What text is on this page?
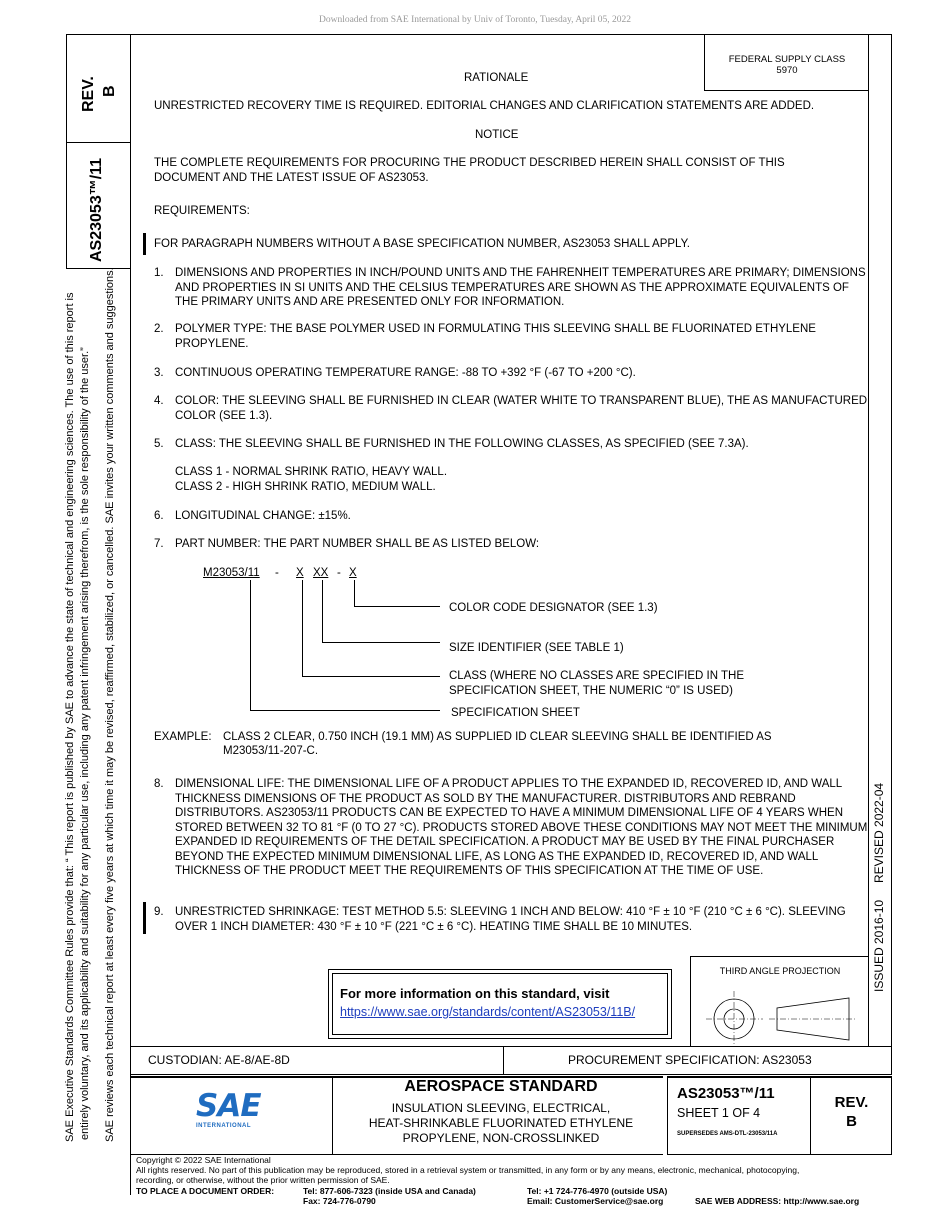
Downloaded from SAE International by Univ of Toronto, Tuesday, April 05, 2022
REV. B
AS23053™/11
SAE Executive Standards Committee Rules provide that: “ This report is published by SAE to advance the state of technical and engineering sciences. The use of this report is entirely voluntary, and its applicability and suitability for any particular use, including any patent infringement arising therefrom, is the sole responsibility of the user.” SAE reviews each technical report at least every five years at which time it may be revised, reaffirmed, stabilized, or cancelled. SAE invites your written comments and suggestions.	ISSUED 2016-10
REVISED 2022-04
FEDERAL SUPPLY CLASS
5970
RATIONALE
UNRESTRICTED RECOVERY TIME IS REQUIRED. EDITORIAL CHANGES AND CLARIFICATION STATEMENTS ARE ADDED.
NOTICE
THE COMPLETE REQUIREMENTS FOR PROCURING THE PRODUCT DESCRIBED HEREIN SHALL CONSIST OF THIS DOCUMENT AND THE LATEST ISSUE OF AS23053.
REQUIREMENTS:
FOR PARAGRAPH NUMBERS WITHOUT A BASE SPECIFICATION NUMBER, AS23053 SHALL APPLY.
1. DIMENSIONS AND PROPERTIES IN INCH/POUND UNITS AND THE FAHRENHEIT TEMPERATURES ARE PRIMARY; DIMENSIONS AND PROPERTIES IN SI UNITS AND THE CELSIUS TEMPERATURES ARE SHOWN AS THE APPROXIMATE EQUIVALENTS OF THE PRIMARY UNITS AND ARE PRESENTED ONLY FOR INFORMATION.
2. POLYMER TYPE: THE BASE POLYMER USED IN FORMULATING THIS SLEEVING SHALL BE FLUORINATED ETHYLENE PROPYLENE.
3. CONTINUOUS OPERATING TEMPERATURE RANGE: -88 TO +392 °F (-67 TO +200 °C).
4. COLOR: THE SLEEVING SHALL BE FURNISHED IN CLEAR (WATER WHITE TO TRANSPARENT BLUE), THE AS MANUFACTURED COLOR (SEE 1.3).
5. CLASS: THE SLEEVING SHALL BE FURNISHED IN THE FOLLOWING CLASSES, AS SPECIFIED (SEE 7.3A).
CLASS 1 - NORMAL SHRINK RATIO, HEAVY WALL.
CLASS 2 - HIGH SHRINK RATIO, MEDIUM WALL.
6. LONGITUDINAL CHANGE: ±15%.
7. PART NUMBER: THE PART NUMBER SHALL BE AS LISTED BELOW:
M23053/11 - X XX - X
COLOR CODE DESIGNATOR (SEE 1.3)
SIZE IDENTIFIER (SEE TABLE 1)
CLASS (WHERE NO CLASSES ARE SPECIFIED IN THE
SPECIFICATION SHEET, THE NUMERIC “0” IS USED)
SPECIFICATION SHEET
EXAMPLE: CLASS 2 CLEAR, 0.750 INCH (19.1 MM) AS SUPPLIED ID CLEAR SLEEVING SHALL BE IDENTIFIED AS
M23053/11-207-C.
8. DIMENSIONAL LIFE: THE DIMENSIONAL LIFE OF A PRODUCT APPLIES TO THE EXPANDED ID, RECOVERED ID, AND WALL THICKNESS DIMENSIONS OF THE PRODUCT AS SOLD BY THE MANUFACTURER. DISTRIBUTORS AND REBRAND DISTRIBUTORS. AS23053/11 PRODUCTS CAN BE EXPECTED TO HAVE A MINIMUM DIMENSIONAL LIFE OF 4 YEARS WHEN STORED BETWEEN 32 TO 81 °F (0 TO 27 °C). PRODUCTS STORED ABOVE THESE CONDITIONS MAY NOT MEET THE MINIMUM EXPANDED ID REQUIREMENTS OF THE DETAIL SPECIFICATION. A PRODUCT MAY BE USED BY THE FINAL PURCHASER BEYOND THE EXPECTED MINIMUM DIMENSIONAL LIFE, AS LONG AS THE EXPANDED ID, RECOVERED ID, AND WALL THICKNESS OF THE PRODUCT MEET THE REQUIREMENTS OF THIS SPECIFICATION AT THE TIME OF USE.
9. UNRESTRICTED SHRINKAGE: TEST METHOD 5.5: SLEEVING 1 INCH AND BELOW: 410 °F ± 10 °F (210 °C ± 6 °C). SLEEVING OVER 1 INCH DIAMETER: 430 °F ± 10 °F (221 °C ± 6 °C). HEATING TIME SHALL BE 10 MINUTES.
For more information on this standard, visit
https://www.sae.org/standards/content/AS23053/11B/
THIRD ANGLE PROJECTION
CUSTODIAN: AE-8/AE-8D	PROCUREMENT SPECIFICATION: AS23053
SAE
INTERNATIONAL
AEROSPACE STANDARD
INSULATION SLEEVING, ELECTRICAL,
HEAT-SHRINKABLE FLUORINATED ETHYLENE
PROPYLENE, NON-CROSSLINKED
AS23053™/11
SHEET 1 OF 4
SUPERSEDES AMS-DTL-23053/11A
REV.
B
Copyright © 2022 SAE International
All rights reserved. No part of this publication may be reproduced, stored in a retrieval system or transmitted, in any form or by any means, electronic, mechanical, photocopying,
recording, or otherwise, without the prior written permission of SAE.
TO PLACE A DOCUMENT ORDER:	Tel: 877-606-7323 (inside USA and Canada)
Fax: 724-776-0790
Tel: +1 724-776-4970 (outside USA)
Email: CustomerService@sae.org	SAE WEB ADDRESS: http://www.sae.org
